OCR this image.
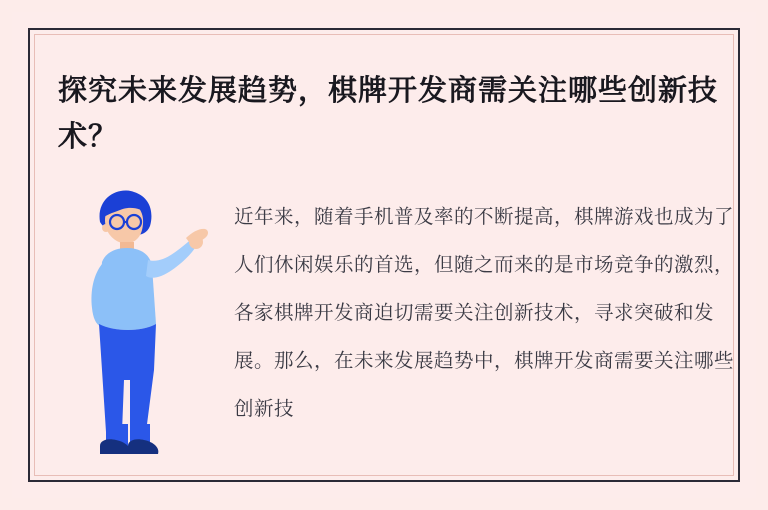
探究未来发展趋势，棋牌开发商需关注哪些创新技术？
近年来，随着手机普及率的不断提高，棋牌游戏也成为了人们休闲娱乐的首选，但随之而来的是市场竞争的激烈，各家棋牌开发商迫切需要关注创新技术，寻求突破和发展。那么，在未来发展趋势中，棋牌开发商需要关注哪些创新技
